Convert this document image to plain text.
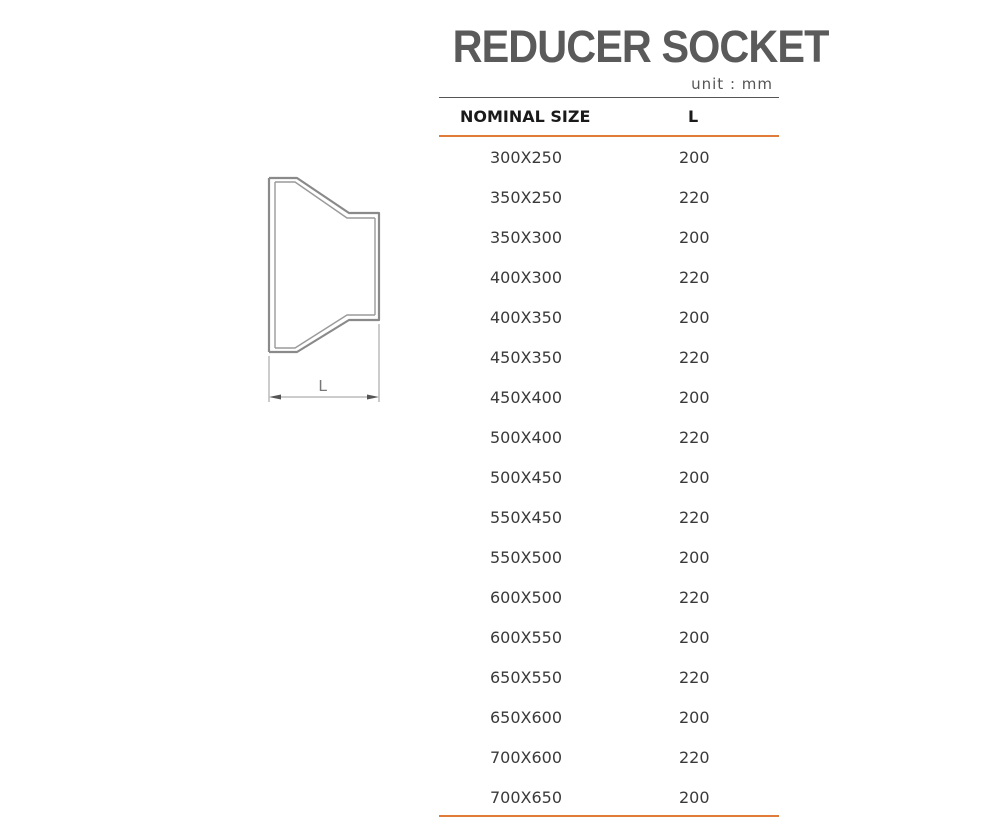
L
REDUCER SOCKET
unit : mm
NOMINAL SIZE	L
300X250	200
350X250	220
350X300	200
400X300	220
400X350	200
450X350	220
450X400	200
500X400	220
500X450	200
550X450	220
550X500	200
600X500	220
600X550	200
650X550	220
650X600	200
700X600	220
700X650	200
